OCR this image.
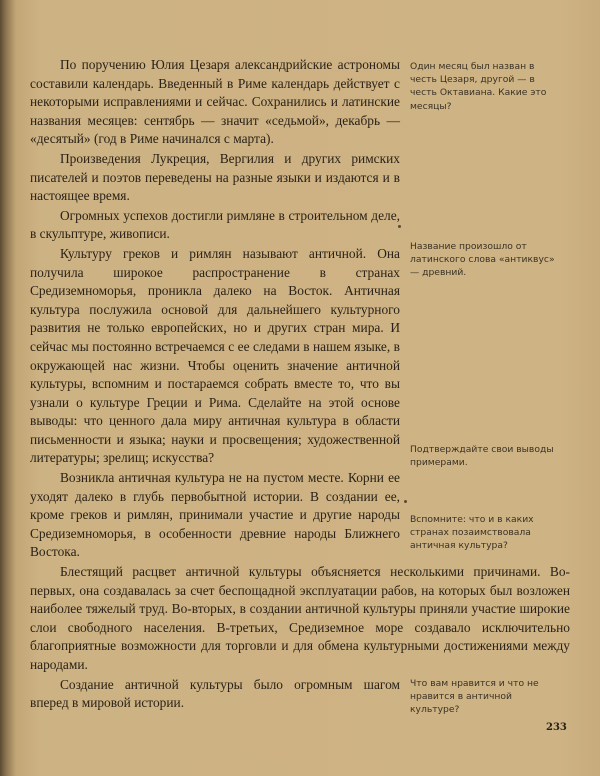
По поручению Юлия Цезаря александрийские астрономы составили календарь. Введенный в Риме календарь действует с некоторыми исправлениями и сейчас. Сохранились и латинские названия месяцев: сентябрь — значит «седьмой», декабрь — «десятый» (год в Риме начинался с марта).

Произведения Лукреция, Вергилия и других римских писателей и поэтов переведены на разные языки и издаются и в настоящее время.

Огромных успехов достигли римляне в строительном деле, в скульптуре, живописи.

Культуру греков и римлян называют античной. Она получила широкое распространение в странах Средиземноморья, проникла далеко на Восток. Античная культура послужила основой для дальнейшего культурного развития не только европейских, но и других стран мира. И сейчас мы постоянно встречаемся с ее следами в нашем языке, в окружающей нас жизни. Чтобы оценить значение античной культуры, вспомним и постараемся собрать вместе то, что вы узнали о культуре Греции и Рима. Сделайте на этой основе выводы: что ценного дала миру античная культура в области письменности и языка; науки и просвещения; художественной литературы; зрелищ; искусства?

Возникла античная культура не на пустом месте. Корни ее уходят далеко в глубь первобытной истории. В создании ее, кроме греков и римлян, принимали участие и другие народы Средиземноморья, в особенности древние народы Ближнего Востока.

Блестящий расцвет античной культуры объясняется несколькими причинами. Во-первых, она создавалась за счет беспощадной эксплуатации рабов, на которых был возложен наиболее тяжелый труд. Во-вторых, в создании античной культуры приняли участие широкие слои свободного населения. В-третьих, Средиземное море создавало исключительно благоприятные возможности для торговли и для обмена культурными достижениями между народами.

Создание античной культуры было огромным шагом вперед в мировой истории.

Один месяц был назван в честь Цезаря, другой — в честь Октавиана. Какие это месяцы?
Название произошло от латинского слова «антиквус» — древний.
Подтверждайте свои выводы примерами.
Вспомните: что и в каких странах позаимствовала античная культура?
Что вам нравится и что не нравится в античной культуре?
233
